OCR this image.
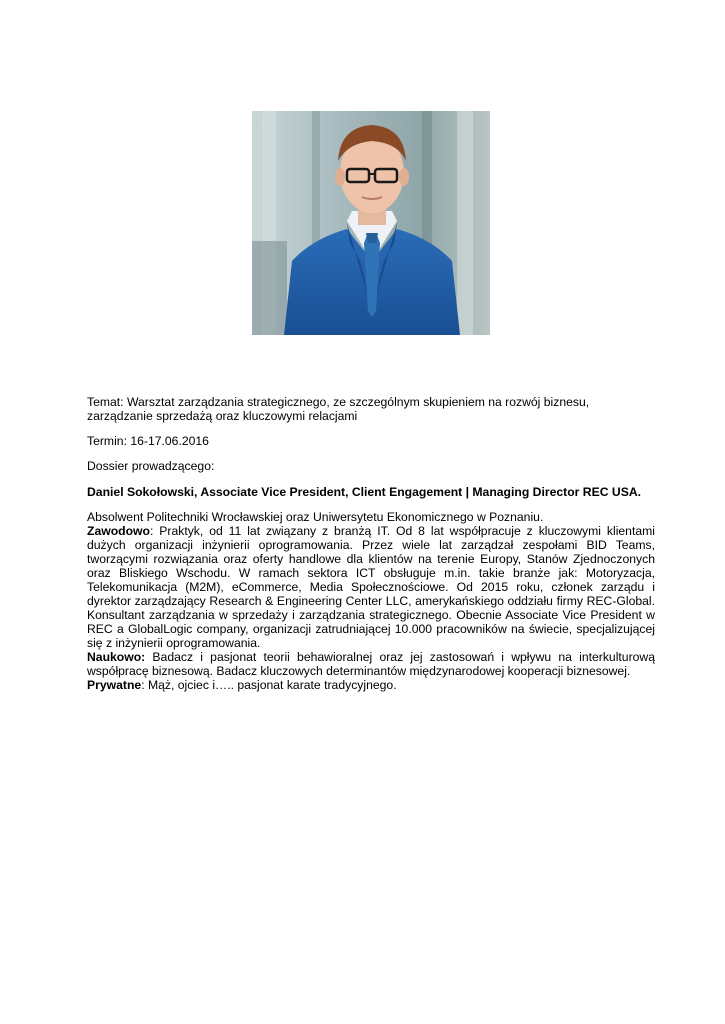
Temat: Warsztat zarządzania strategicznego, ze szczególnym skupieniem na rozwój biznesu,
zarządzanie sprzedażą oraz kluczowymi relacjami
Termin: 16-17.06.2016
Dossier prowadzącego:
Daniel Sokołowski, Associate Vice President, Client Engagement | Managing Director REC USA.

Absolwent Politechniki Wrocławskiej oraz Uniwersytetu Ekonomicznego w Poznaniu.

Zawodowo: Praktyk, od 11 lat związany z branżą IT. Od 8 lat współpracuje z kluczowymi klientami dużych organizacji inżynierii oprogramowania. Przez wiele lat zarządzał zespołami BID Teams, tworzącymi rozwiązania oraz oferty handlowe dla klientów na terenie Europy, Stanów Zjednoczonych oraz Bliskiego Wschodu. W ramach sektora ICT obsługuje m.in. takie branże jak: Motoryzacja, Telekomunikacja (M2M), eCommerce, Media Społecznościowe. Od 2015 roku, członek zarządu i dyrektor zarządzający Research & Engineering Center LLC, amerykańskiego oddziału firmy REC-Global. Konsultant zarządzania w sprzedaży i zarządzania strategicznego. Obecnie Associate Vice President w REC a GlobalLogic company, organizacji zatrudniającej 10.000 pracowników na świecie, specjalizującej się z inżynierii oprogramowania.

Naukowo: Badacz i pasjonat teorii behawioralnej oraz jej zastosowań i wpływu na interkulturową współpracę biznesową. Badacz kluczowych determinantów międzynarodowej kooperacji biznesowej.

Prywatne: Mąż, ojciec i….. pasjonat karate tradycyjnego.
